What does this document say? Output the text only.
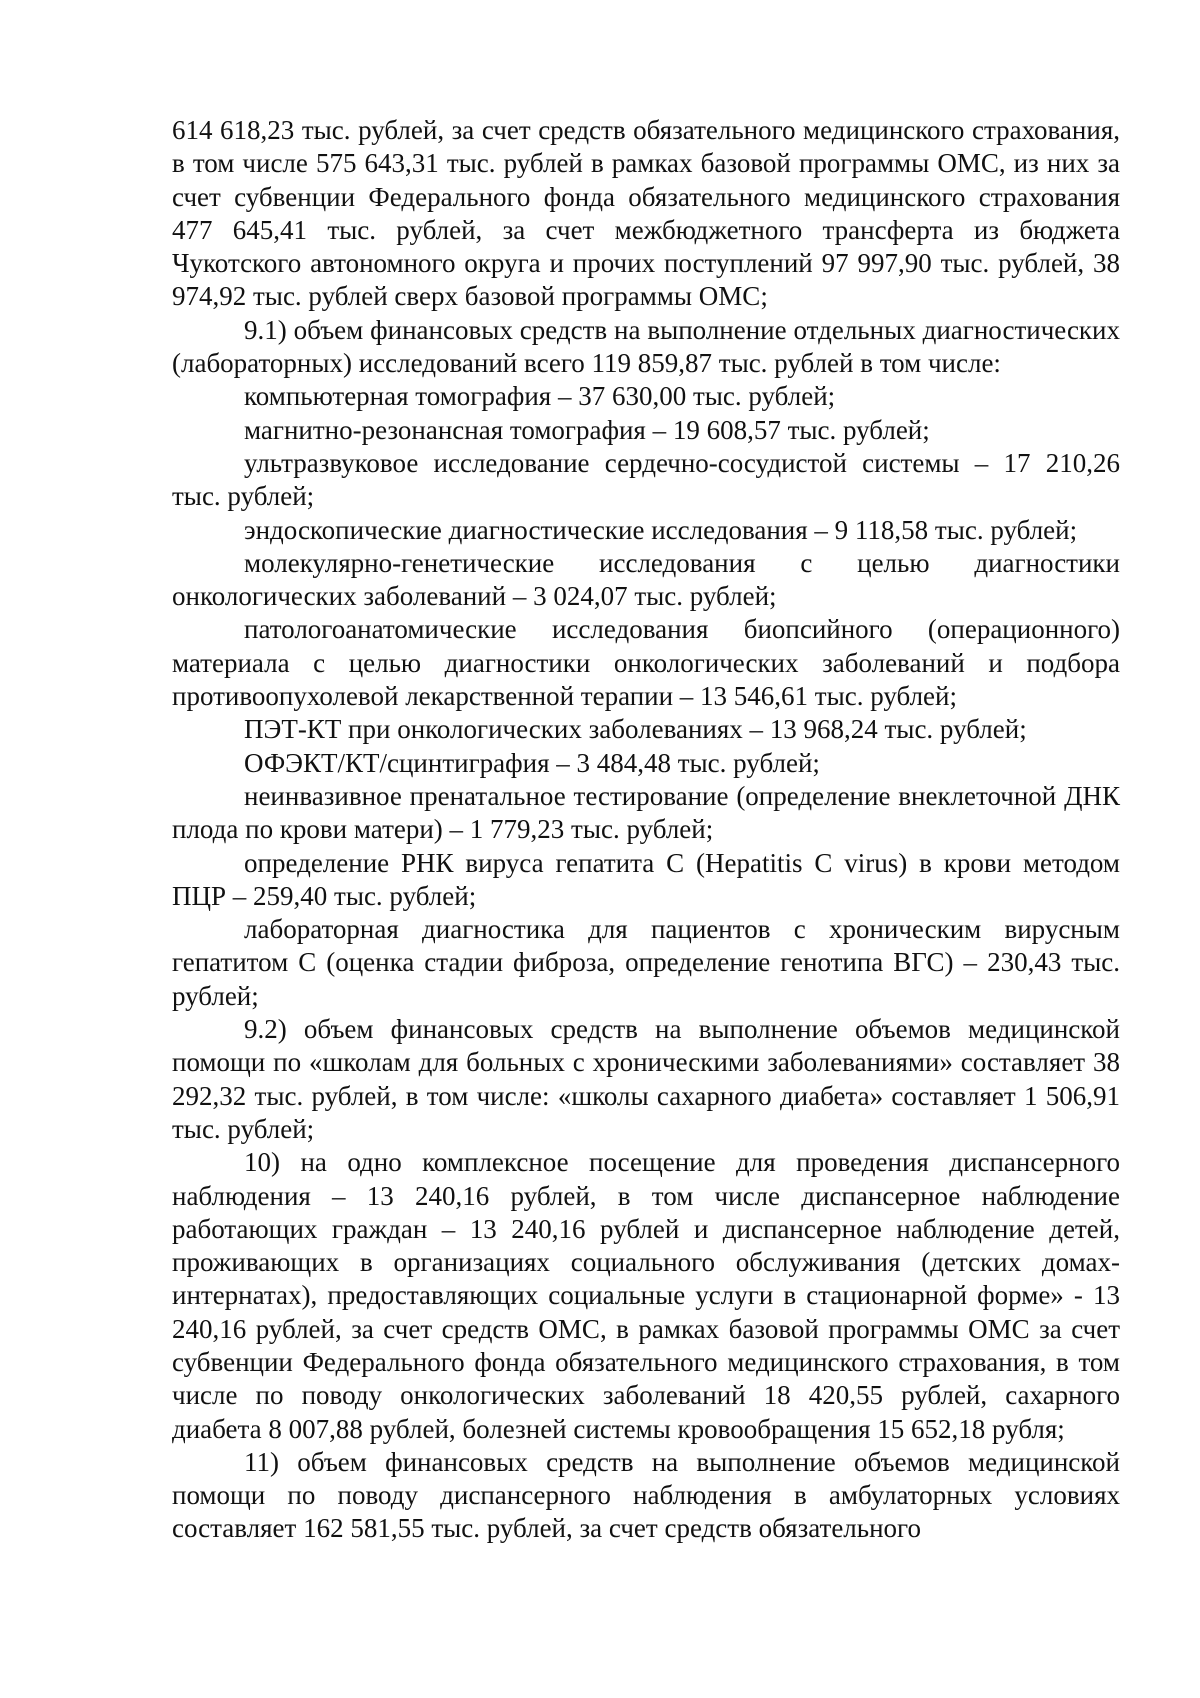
614 618,23 тыс. рублей, за счет средств обязательного медицинского страхования, в том числе 575 643,31 тыс. рублей в рамках базовой программы ОМС, из них за счет субвенции Федерального фонда обязательного медицинского страхования 477 645,41 тыс. рублей, за счет межбюджетного трансферта из бюджета Чукотского автономного округа и прочих поступлений 97 997,90 тыс. рублей, 38 974,92 тыс. рублей сверх базовой программы ОМС;

9.1) объем финансовых средств на выполнение отдельных диагностических (лабораторных) исследований всего 119 859,87 тыс. рублей в том числе:

компьютерная томография – 37 630,00 тыс. рублей;

магнитно-резонансная томография – 19 608,57 тыс. рублей;

ультразвуковое исследование сердечно-сосудистой системы – 17 210,26 тыс. рублей;

эндоскопические диагностические исследования – 9 118,58 тыс. рублей;

молекулярно-генетические исследования с целью диагностики онкологических заболеваний – 3 024,07 тыс. рублей;

патологоанатомические исследования биопсийного (операционного) материала с целью диагностики онкологических заболеваний и подбора противоопухолевой лекарственной терапии – 13 546,61 тыс. рублей;

ПЭТ-КТ при онкологических заболеваниях – 13 968,24 тыс. рублей;

ОФЭКТ/КТ/сцинтиграфия – 3 484,48 тыс. рублей;

неинвазивное пренатальное тестирование (определение внеклеточной ДНК плода по крови матери) – 1 779,23 тыс. рублей;

определение РНК вируса гепатита С (Hepatitis C virus) в крови методом ПЦР – 259,40 тыс. рублей;

лабораторная диагностика для пациентов с хроническим вирусным гепатитом С (оценка стадии фиброза, определение генотипа ВГС) – 230,43 тыс. рублей;

9.2) объем финансовых средств на выполнение объемов медицинской помощи по «школам для больных с хроническими заболеваниями» составляет 38 292,32 тыс. рублей, в том числе: «школы сахарного диабета» составляет 1 506,91 тыс. рублей;

10) на одно комплексное посещение для проведения диспансерного наблюдения – 13 240,16 рублей, в том числе диспансерное наблюдение работающих граждан – 13 240,16 рублей и диспансерное наблюдение детей, проживающих в организациях социального обслуживания (детских домах-интернатах), предоставляющих социальные услуги в стационарной форме» - 13 240,16 рублей, за счет средств ОМС, в рамках базовой программы ОМС за счет субвенции Федерального фонда обязательного медицинского страхования, в том числе по поводу онкологических заболеваний 18 420,55 рублей, сахарного диабета 8 007,88 рублей, болезней системы кровообращения 15 652,18 рубля;

11) объем финансовых средств на выполнение объемов медицинской помощи по поводу диспансерного наблюдения в амбулаторных условиях составляет 162 581,55 тыс. рублей, за счет средств обязательного
